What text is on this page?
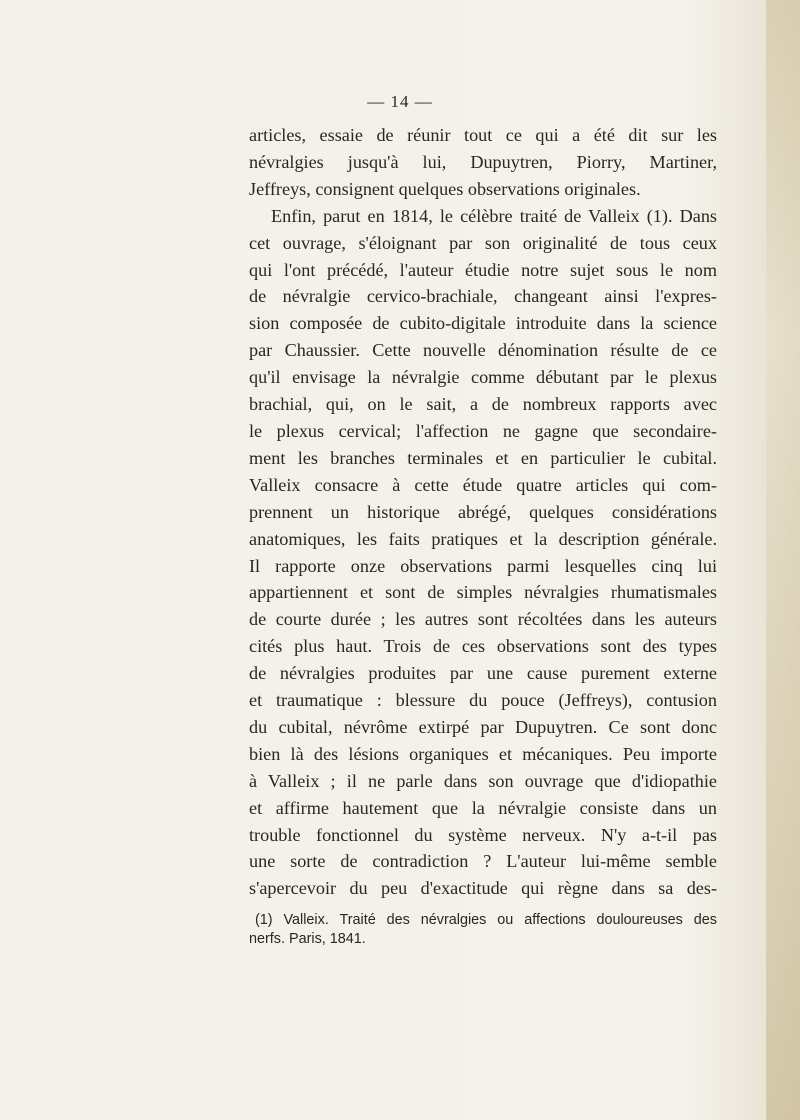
— 14 —
articles, essaie de réunir tout ce qui a été dit sur les
névralgies jusqu'à lui, Dupuytren, Piorry, Martiner,
Jeffreys, consignent quelques observations originales.
Enfin, parut en 1814, le célèbre traité de Valleix (1). Dans
cet ouvrage, s'éloignant par son originalité de tous ceux
qui l'ont précédé, l'auteur étudie notre sujet sous le nom
de névralgie cervico-brachiale, changeant ainsi l'expres-
sion composée de cubito-digitale introduite dans la science
par Chaussier. Cette nouvelle dénomination résulte de ce
qu'il envisage la névralgie comme débutant par le plexus
brachial, qui, on le sait, a de nombreux rapports avec
le plexus cervical; l'affection ne gagne que secondaire-
ment les branches terminales et en particulier le cubital.
Valleix consacre à cette étude quatre articles qui com-
prennent un historique abrégé, quelques considérations
anatomiques, les faits pratiques et la description générale.
Il rapporte onze observations parmi lesquelles cinq lui
appartiennent et sont de simples névralgies rhumatismales
de courte durée ; les autres sont récoltées dans les auteurs
cités plus haut. Trois de ces observations sont des types
de névralgies produites par une cause purement externe
et traumatique : blessure du pouce (Jeffreys), contusion
du cubital, névrôme extirpé par Dupuytren. Ce sont donc
bien là des lésions organiques et mécaniques. Peu importe
à Valleix ; il ne parle dans son ouvrage que d'idiopathie
et affirme hautement que la névralgie consiste dans un
trouble fonctionnel du système nerveux. N'y a-t-il pas
une sorte de contradiction ? L'auteur lui-même semble
s'apercevoir du peu d'exactitude qui règne dans sa des-
(1) Valleix. Traité des névralgies ou affections douloureuses des
nerfs. Paris, 1841.
